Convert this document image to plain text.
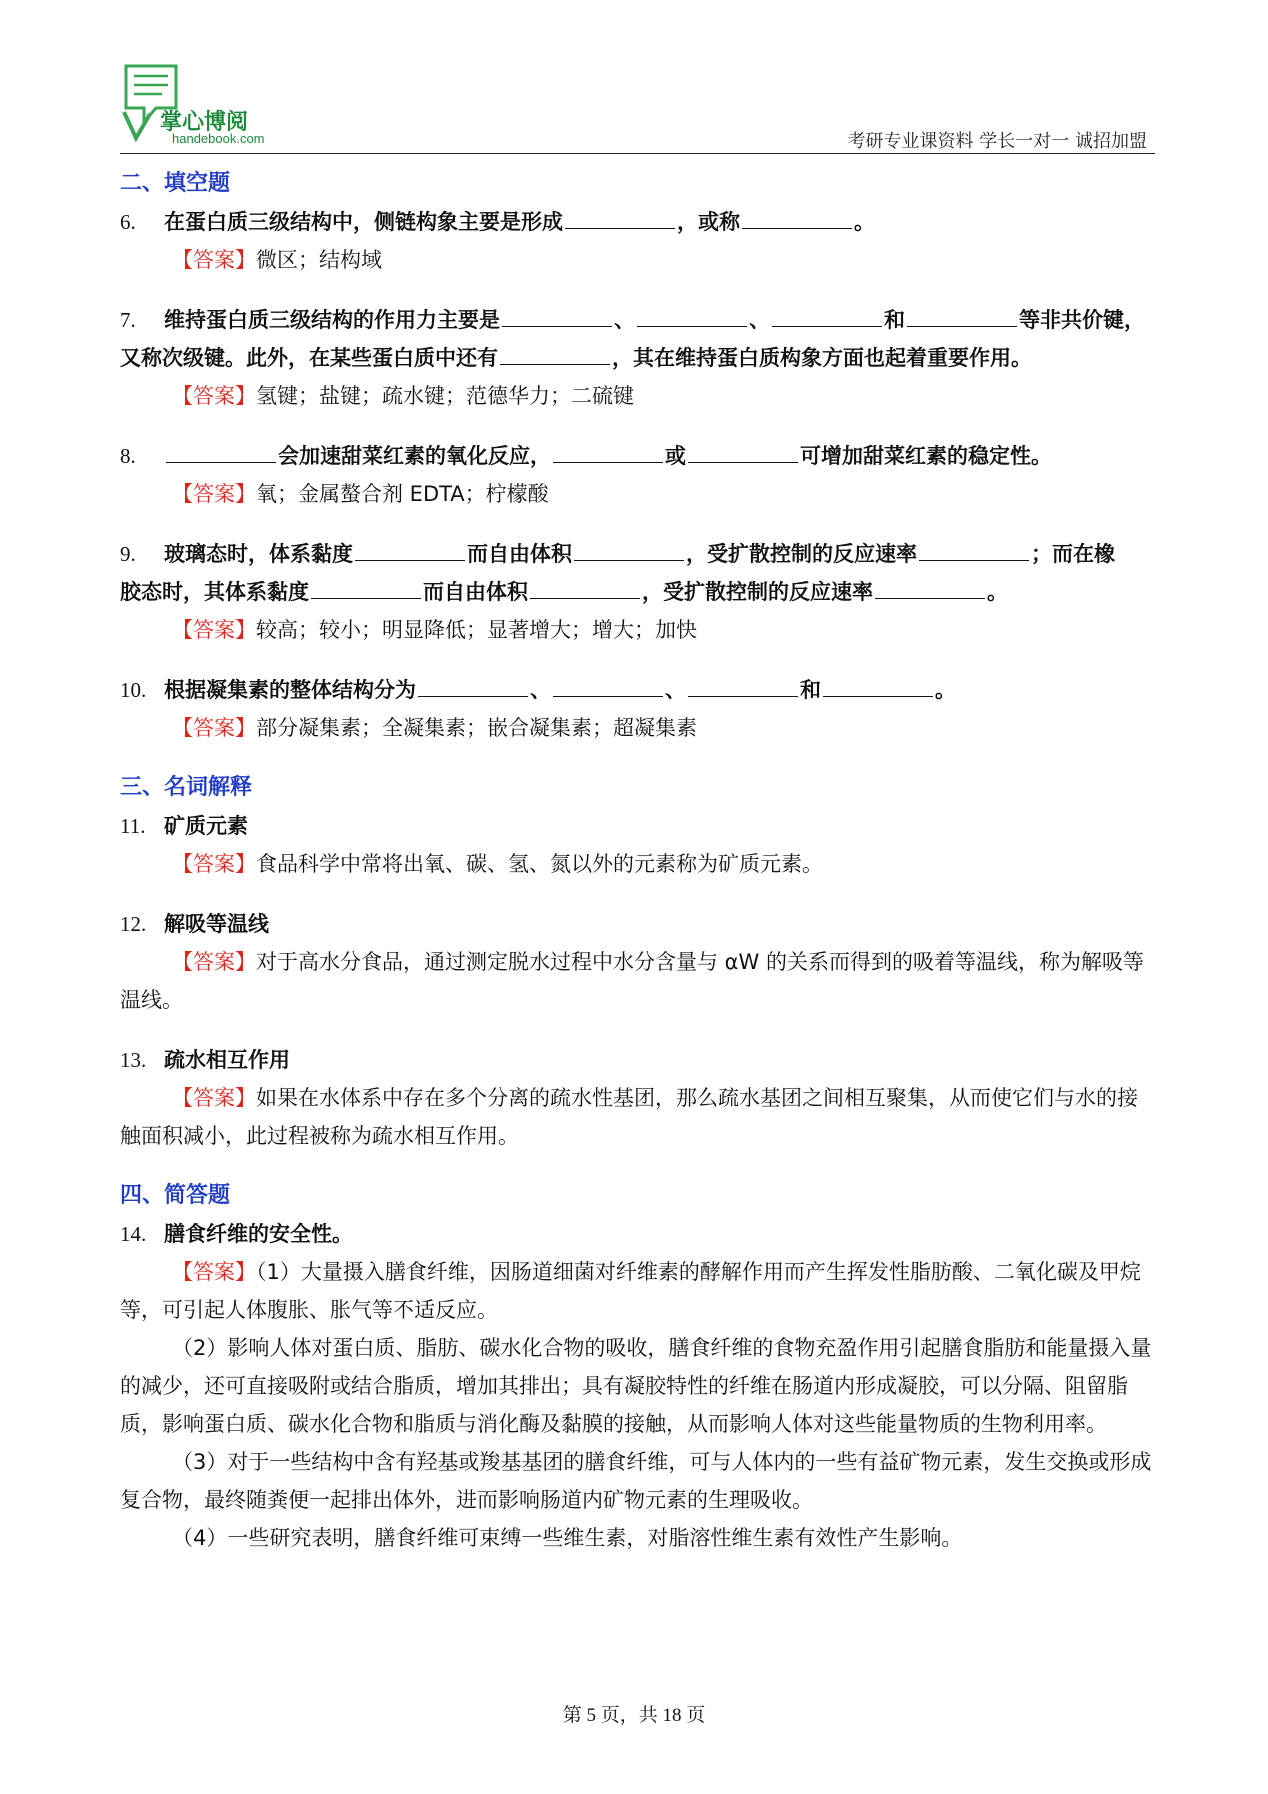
掌心博阅
handebook.com	考研专业课资料 学长一对一 诚招加盟
二、填空题
6. 在蛋白质三级结构中，侧链构象主要是形成	，或称	。
【答案】微区；结构域
7. 维持蛋白质三级结构的作用力主要是	、	、	和	等非共价键，
又称次级键。此外，在某些蛋白质中还有	，其在维持蛋白质构象方面也起着重要作用。
【答案】氢键；盐键；疏水键；范德华力；二硫键
8.	会加速甜菜红素的氧化反应，	或	可增加甜菜红素的稳定性。
【答案】氧；金属螯合剂 EDTA；柠檬酸
9. 玻璃态时，体系黏度	而自由体积	，受扩散控制的反应速率	；而在橡
胶态时，其体系黏度	而自由体积	，受扩散控制的反应速率	。
【答案】较高；较小；明显降低；显著增大；增大；加快
10. 根据凝集素的整体结构分为	、	、	和	。
【答案】部分凝集素；全凝集素；嵌合凝集素；超凝集素
三、名词解释
11. 矿质元素
【答案】食品科学中常将出氧、碳、氢、氮以外的元素称为矿质元素。
12. 解吸等温线
【答案】对于高水分食品，通过测定脱水过程中水分含量与 αW 的关系而得到的吸着等温线，称为解吸等温线。
13. 疏水相互作用
【答案】如果在水体系中存在多个分离的疏水性基团，那么疏水基团之间相互聚集，从而使它们与水的接触面积减小，此过程被称为疏水相互作用。
四、简答题
14. 膳食纤维的安全性。
【答案】（1）大量摄入膳食纤维，因肠道细菌对纤维素的酵解作用而产生挥发性脂肪酸、二氧化碳及甲烷等，可引起人体腹胀、胀气等不适反应。
（2）影响人体对蛋白质、脂肪、碳水化合物的吸收，膳食纤维的食物充盈作用引起膳食脂肪和能量摄入量的减少，还可直接吸附或结合脂质，增加其排出；具有凝胶特性的纤维在肠道内形成凝胶，可以分隔、阻留脂质，影响蛋白质、碳水化合物和脂质与消化酶及黏膜的接触，从而影响人体对这些能量物质的生物利用率。
（3）对于一些结构中含有羟基或羧基基团的膳食纤维，可与人体内的一些有益矿物元素，发生交换或形成复合物，最终随粪便一起排出体外，进而影响肠道内矿物元素的生理吸收。
（4）一些研究表明，膳食纤维可束缚一些维生素，对脂溶性维生素有效性产生影响。
第 5 页，共 18 页
